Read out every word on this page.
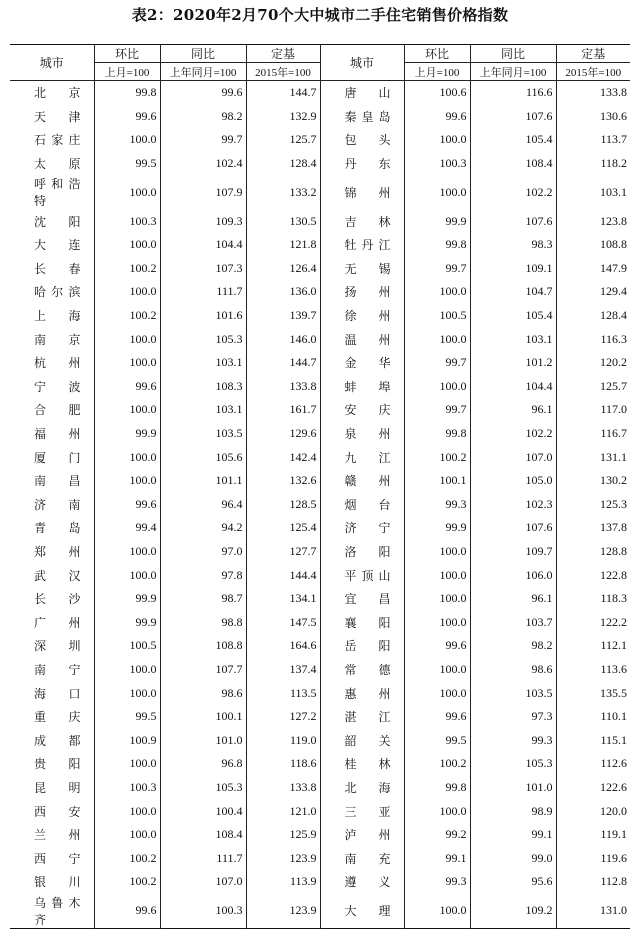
表2：2020年2月70个大中城市二手住宅销售价格指数
城市	环比	同比	定基	城市	环比	同比	定基
	上月=100	上年同月=100	2015年=100		上月=100	上年同月=100	2015年=100
北 京	99.8	99.6	144.7	唐 山	100.6	116.6	133.8
天 津	99.6	98.2	132.9	秦皇岛	99.6	107.6	130.6
石家庄	100.0	99.7	125.7	包 头	100.0	105.4	113.7
太 原	99.5	102.4	128.4	丹 东	100.3	108.4	118.2
呼和浩特	100.0	107.9	133.2	锦 州	100.0	102.2	103.1
沈 阳	100.3	109.3	130.5	吉 林	99.9	107.6	123.8
大 连	100.0	104.4	121.8	牡丹江	99.8	98.3	108.8
长 春	100.2	107.3	126.4	无 锡	99.7	109.1	147.9
哈尔滨	100.0	111.7	136.0	扬 州	100.0	104.7	129.4
上 海	100.2	101.6	139.7	徐 州	100.5	105.4	128.4
南 京	100.0	105.3	146.0	温 州	100.0	103.1	116.3
杭 州	100.0	103.1	144.7	金 华	99.7	101.2	120.2
宁 波	99.6	108.3	133.8	蚌 埠	100.0	104.4	125.7
合 肥	100.0	103.1	161.7	安 庆	99.7	96.1	117.0
福 州	99.9	103.5	129.6	泉 州	99.8	102.2	116.7
厦 门	100.0	105.6	142.4	九 江	100.2	107.0	131.1
南 昌	100.0	101.1	132.6	赣 州	100.1	105.0	130.2
济 南	99.6	96.4	128.5	烟 台	99.3	102.3	125.3
青 岛	99.4	94.2	125.4	济 宁	99.9	107.6	137.8
郑 州	100.0	97.0	127.7	洛 阳	100.0	109.7	128.8
武 汉	100.0	97.8	144.4	平顶山	100.0	106.0	122.8
长 沙	99.9	98.7	134.1	宜 昌	100.0	96.1	118.3
广 州	99.9	98.8	147.5	襄 阳	100.0	103.7	122.2
深 圳	100.5	108.8	164.6	岳 阳	99.6	98.2	112.1
南 宁	100.0	107.7	137.4	常 德	100.0	98.6	113.6
海 口	100.0	98.6	113.5	惠 州	100.0	103.5	135.5
重 庆	99.5	100.1	127.2	湛 江	99.6	97.3	110.1
成 都	100.9	101.0	119.0	韶 关	99.5	99.3	115.1
贵 阳	100.0	96.8	118.6	桂 林	100.2	105.3	112.6
昆 明	100.3	105.3	133.8	北 海	99.8	101.0	122.6
西 安	100.0	100.4	121.0	三 亚	100.0	98.9	120.0
兰 州	100.0	108.4	125.9	泸 州	99.2	99.1	119.1
西 宁	100.2	111.7	123.9	南 充	99.1	99.0	119.6
银 川	100.2	107.0	113.9	遵 义	99.3	95.6	112.8
乌鲁木齐	99.6	100.3	123.9	大 理	100.0	109.2	131.0
